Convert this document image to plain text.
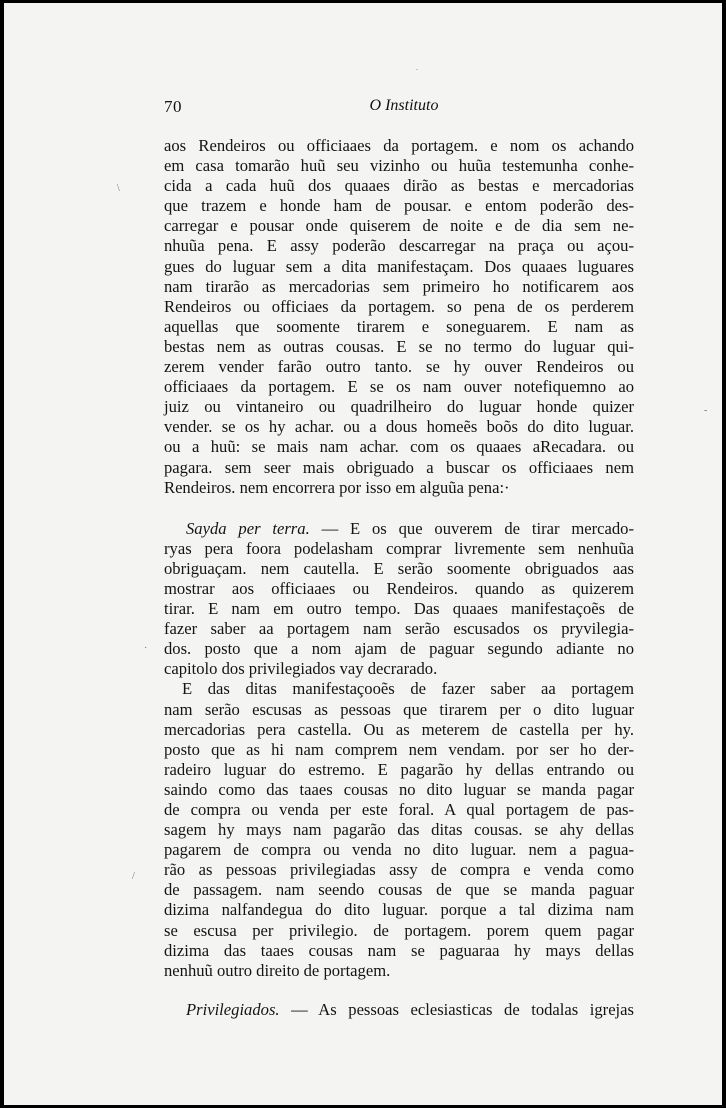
70	O Instituto
aos Rendeiros ou officiaaes da portagem. e nom os achando
em casa tomarão huũ seu vizinho ou huũa testemunha conhe-
cida a cada huũ dos quaaes dirão as bestas e mercadorias
que trazem e honde ham de pousar. e entom poderão des-
carregar e pousar onde quiserem de noite e de dia sem ne-
nhuũa pena. E assy poderão descarregar na praça ou açou-
gues do luguar sem a dita manifestaçam. Dos quaaes luguares
nam tirarão as mercadorias sem primeiro ho notificarem aos
Rendeiros ou officiaes da portagem. so pena de os perderem
aquellas que soomente tirarem e soneguarem. E nam as
bestas nem as outras cousas. E se no termo do luguar qui-
zerem vender farão outro tanto. se hy ouver Rendeiros ou
officiaaes da portagem. E se os nam ouver notefiquemno ao
juiz ou vintaneiro ou quadrilheiro do luguar honde quizer
vender. se os hy achar. ou a dous homeẽs boõs do dito luguar.
ou a huũ: se mais nam achar. com os quaaes aRecadara. ou
pagara. sem seer mais obriguado a buscar os officiaaes nem
Rendeiros. nem encorrera por isso em alguũa pena:·
Sayda per terra. — E os que ouverem de tirar mercado-
ryas pera foora podelasham comprar livremente sem nenhuũa
obriguaçam. nem cautella. E serão soomente obriguados aas
mostrar aos officiaaes ou Rendeiros. quando as quizerem
tirar. E nam em outro tempo. Das quaaes manifestaçoẽs de
fazer saber aa portagem nam serão escusados os pryvilegia-
dos. posto que a nom ajam de paguar segundo adiante no
capitolo dos privilegiados vay decrarado.
E das ditas manifestaçooẽs de fazer saber aa portagem
nam serão escusas as pessoas que tirarem per o dito luguar
mercadorias pera castella. Ou as meterem de castella per hy.
posto que as hi nam comprem nem vendam. por ser ho der-
radeiro luguar do estremo. E pagarão hy dellas entrando ou
saindo como das taaes cousas no dito luguar se manda pagar
de compra ou venda per este foral. A qual portagem de pas-
sagem hy mays nam pagarão das ditas cousas. se ahy dellas
pagarem de compra ou venda no dito luguar. nem a pagua-
rão as pessoas privilegiadas assy de compra e venda como
de passagem. nam seendo cousas de que se manda paguar
dizima nalfandegua do dito luguar. porque a tal dizima nam
se escusa per privilegio. de portagem. porem quem pagar
dizima das taaes cousas nam se paguaraa hy mays dellas
nenhuũ outro direito de portagem.
Privilegiados. — As pessoas eclesiasticas de todalas igrejas
\
-
·
/
.
